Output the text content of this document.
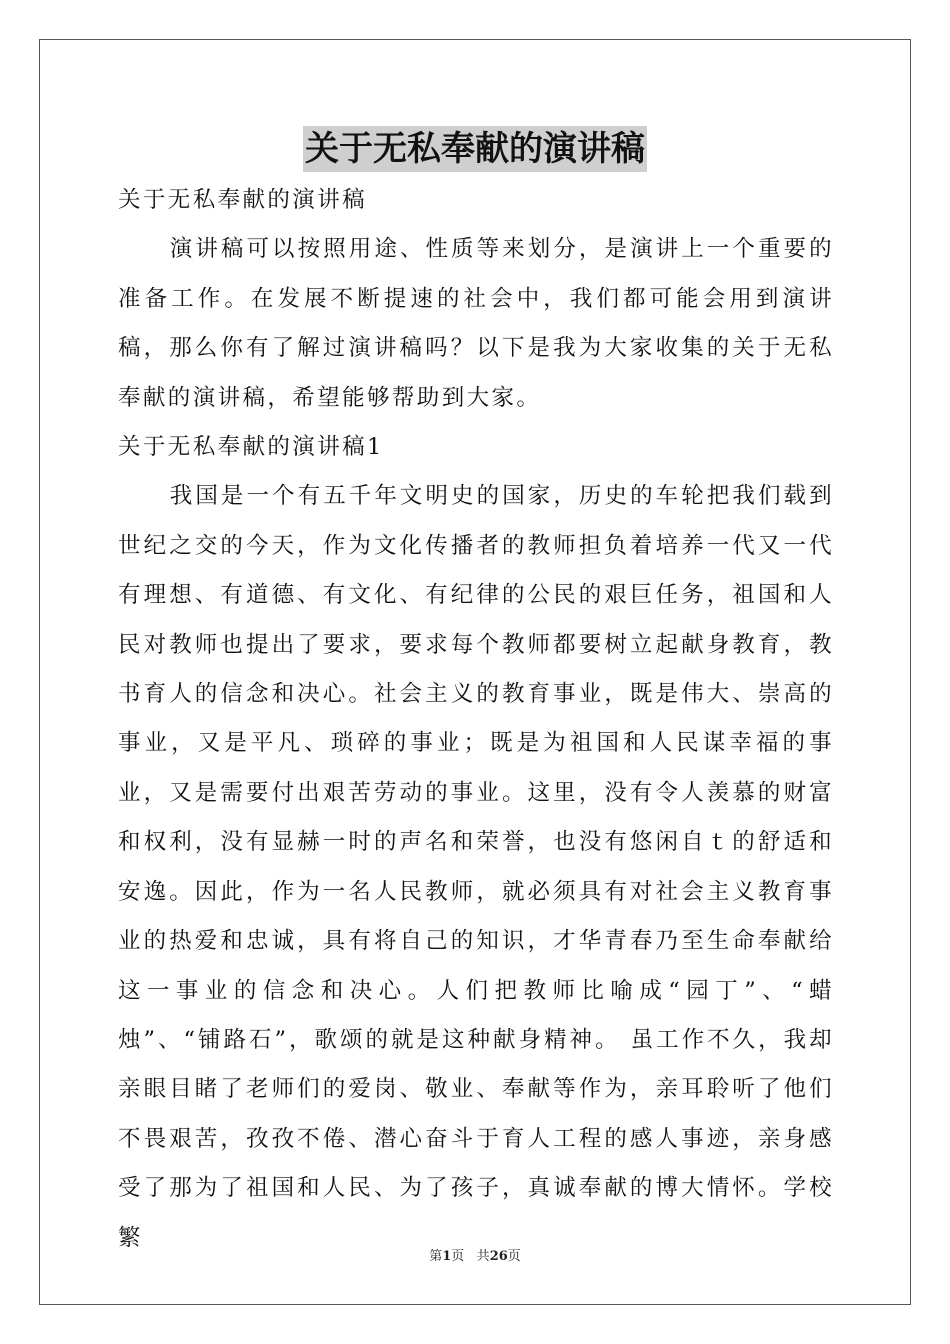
关于无私奉献的演讲稿

关于无私奉献的演讲稿

演讲稿可以按照用途、性质等来划分，是演讲上一个重要的准备工作。在发展不断提速的社会中，我们都可能会用到演讲稿，那么你有了解过演讲稿吗？以下是我为大家收集的关于无私奉献的演讲稿，希望能够帮助到大家。

关于无私奉献的演讲稿1

我国是一个有五千年文明史的国家，历史的车轮把我们载到世纪之交的今天，作为文化传播者的教师担负着培养一代又一代有理想、有道德、有文化、有纪律的公民的艰巨任务，祖国和人民对教师也提出了要求，要求每个教师都要树立起献身教育，教书育人的信念和决心。社会主义的教育事业，既是伟大、崇高的事业，又是平凡、琐碎的事业；既是为祖国和人民谋幸福的事业，又是需要付出艰苦劳动的事业。这里，没有令人羡慕的财富和权利，没有显赫一时的声名和荣誉，也没有悠闲自ｔ的舒适和安逸。因此，作为一名人民教师，就必须具有对社会主义教育事业的热爱和忠诚，具有将自己的知识，才华青春乃至生命奉献给这一事业的信念和决心。人们把教师比喻成“园丁”、“蜡烛”、“铺路石”，歌颂的就是这种献身精神。 虽工作不久，我却亲眼目睹了老师们的爱岗、敬业、奉献等作为，亲耳聆听了他们不畏艰苦，孜孜不倦、潜心奋斗于育人工程的感人事迹，亲身感受了那为了祖国和人民、为了孩子，真诚奉献的博大情怀。学校繁

第1页 共26页
